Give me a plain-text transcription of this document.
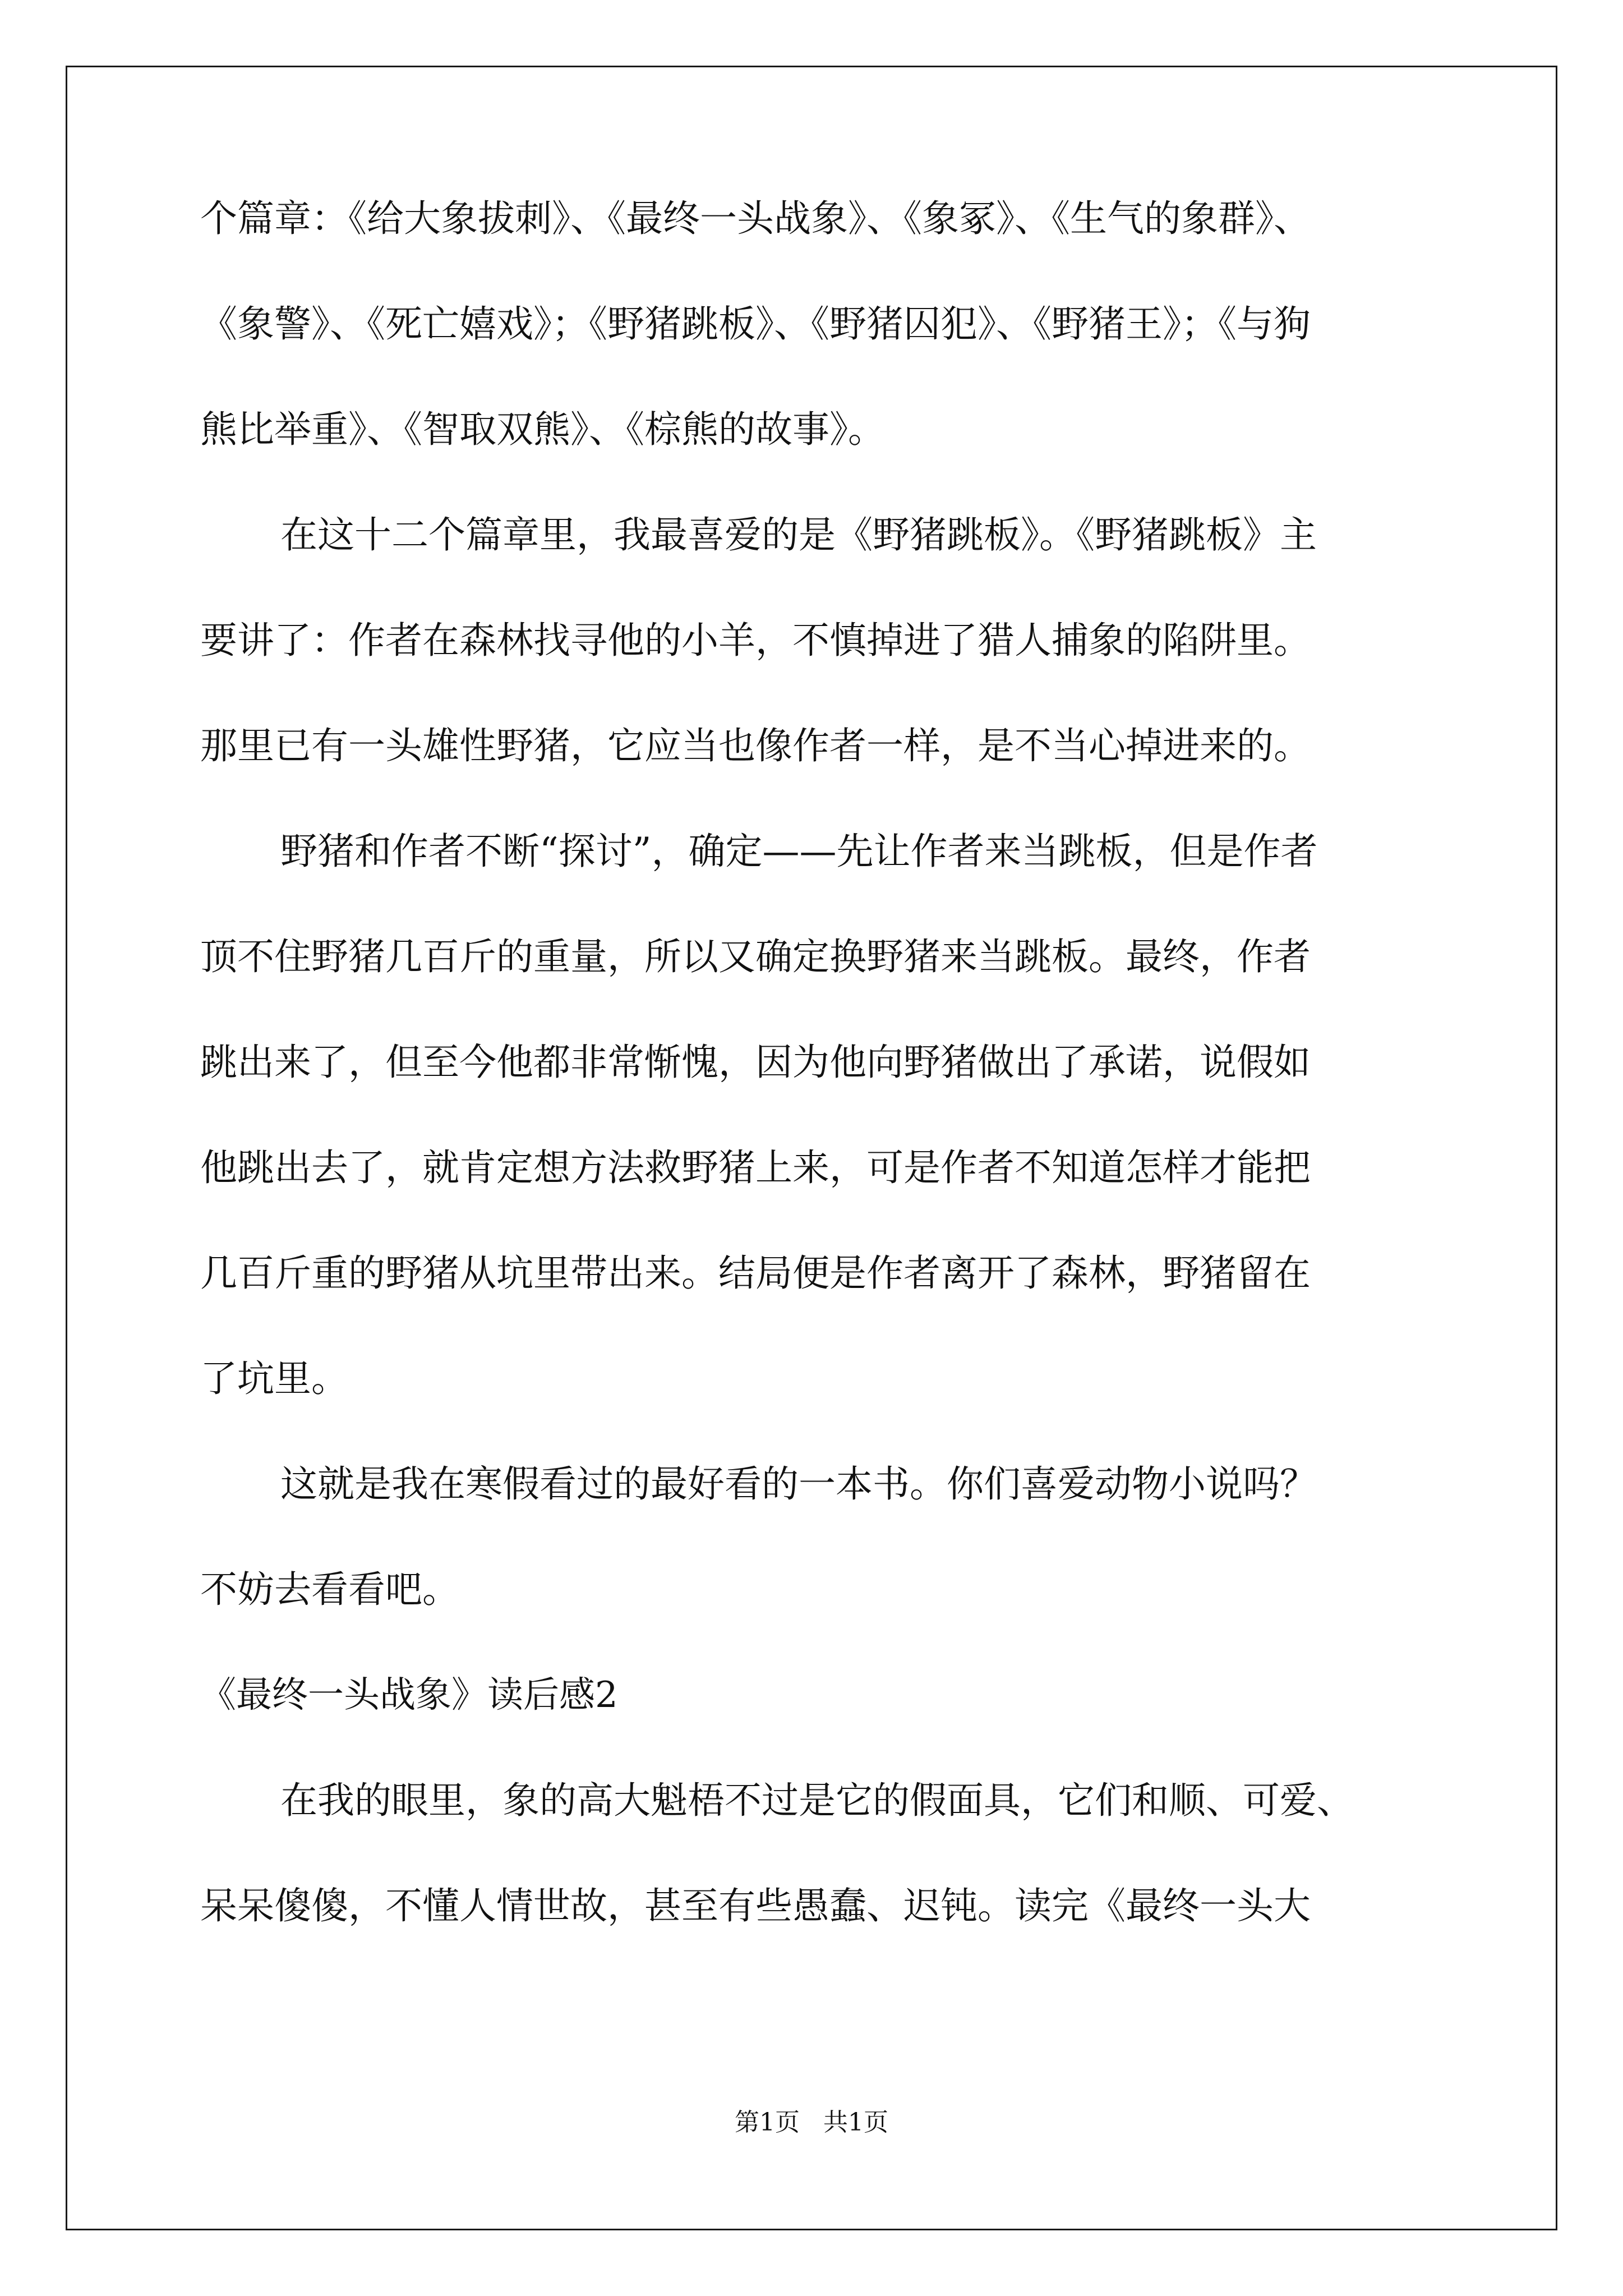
个篇章：《给大象拔刺》、《最终一头战象》、《象冢》、《生气的象群》、
《象警》、《死亡嬉戏》；《野猪跳板》、《野猪囚犯》、《野猪王》；《与狗
熊比举重》、《智取双熊》、《棕熊的故事》。
在这十二个篇章里，我最喜爱的是《野猪跳板》。《野猪跳板》主
要讲了：作者在森林找寻他的小羊，不慎掉进了猎人捕象的陷阱里。
那里已有一头雄性野猪，它应当也像作者一样，是不当心掉进来的。
野猪和作者不断“探讨”，确定——先让作者来当跳板，但是作者
顶不住野猪几百斤的重量，所以又确定换野猪来当跳板。最终，作者
跳出来了，但至今他都非常惭愧，因为他向野猪做出了承诺，说假如
他跳出去了，就肯定想方法救野猪上来，可是作者不知道怎样才能把
几百斤重的野猪从坑里带出来。结局便是作者离开了森林，野猪留在
了坑里。
这就是我在寒假看过的最好看的一本书。你们喜爱动物小说吗？
不妨去看看吧。
《最终一头战象》读后感2
在我的眼里，象的高大魁梧不过是它的假面具，它们和顺、可爱、
呆呆傻傻，不懂人情世故，甚至有些愚蠢、迟钝。读完《最终一头大
第1页   共1页
